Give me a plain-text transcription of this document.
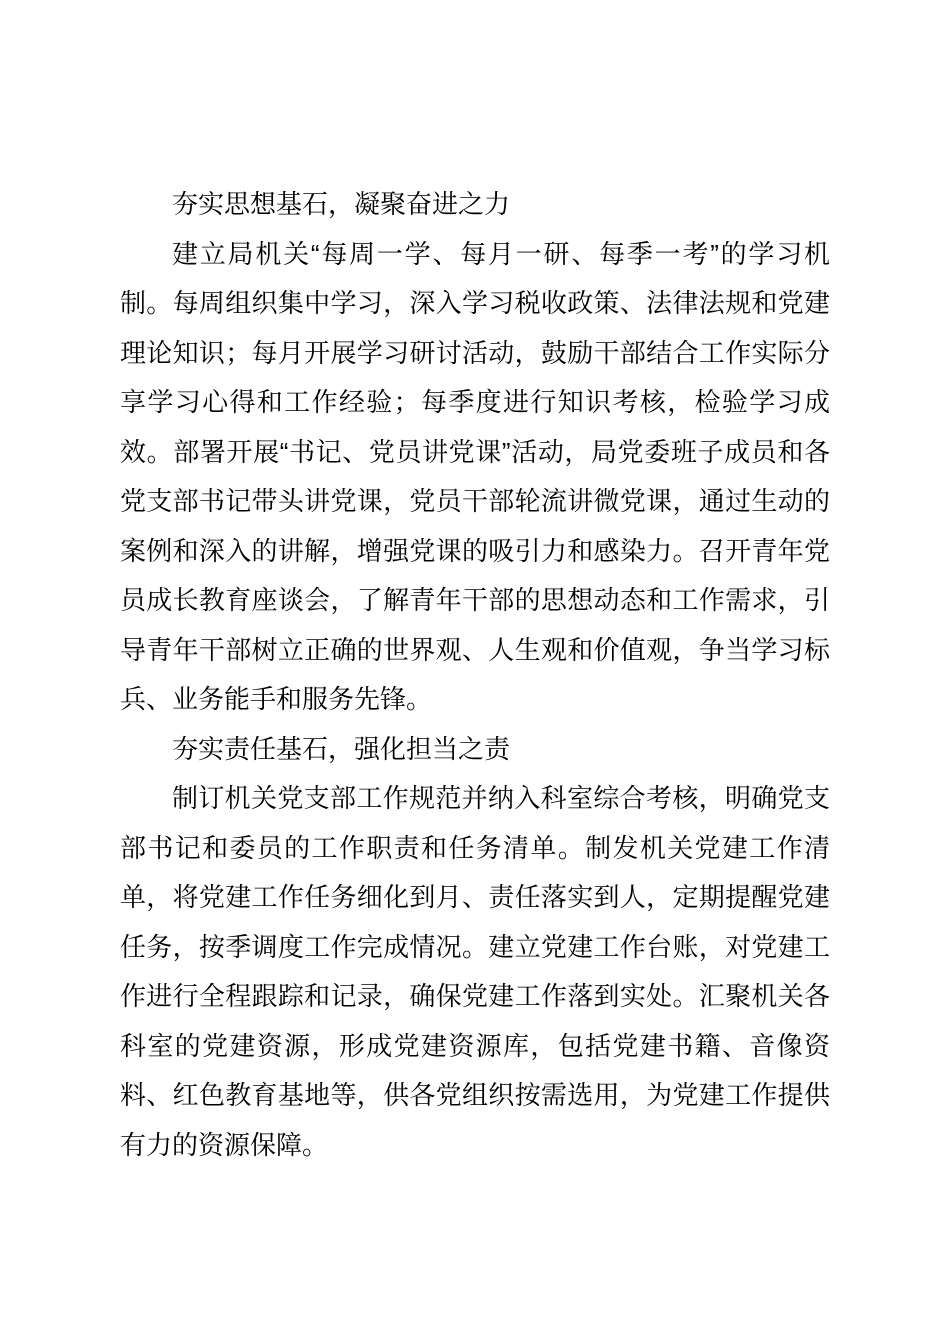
夯实思想基石，凝聚奋进之力

建立局机关“每周一学、每月一研、每季一考”的学习机制。每周组织集中学习，深入学习税收政策、法律法规和党建理论知识；每月开展学习研讨活动，鼓励干部结合工作实际分享学习心得和工作经验；每季度进行知识考核，检验学习成效。部署开展“书记、党员讲党课”活动，局党委班子成员和各党支部书记带头讲党课，党员干部轮流讲微党课，通过生动的案例和深入的讲解，增强党课的吸引力和感染力。召开青年党员成长教育座谈会，了解青年干部的思想动态和工作需求，引导青年干部树立正确的世界观、人生观和价值观，争当学习标兵、业务能手和服务先锋。

夯实责任基石，强化担当之责

制订机关党支部工作规范并纳入科室综合考核，明确党支部书记和委员的工作职责和任务清单。制发机关党建工作清单，将党建工作任务细化到月、责任落实到人，定期提醒党建任务，按季调度工作完成情况。建立党建工作台账，对党建工作进行全程跟踪和记录，确保党建工作落到实处。汇聚机关各科室的党建资源，形成党建资源库，包括党建书籍、音像资料、红色教育基地等，供各党组织按需选用，为党建工作提供有力的资源保障。
